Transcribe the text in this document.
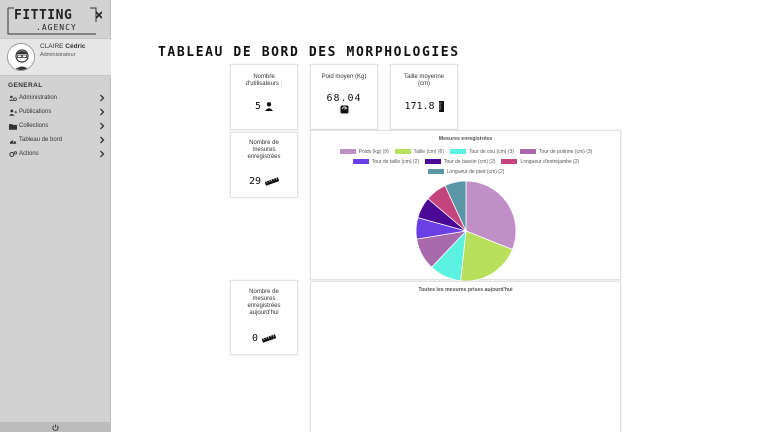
FITTING
.AGENCY
CLAIRE Cédric
Administrateur
GENERAL
Administration
Publications
Collections
Tableau de bord
Actions
TABLEAU DE BORD DES MORPHOLOGIES
Nombre
d'utilisateurs :
5
Poid moyen (Kg)
68.04
Taille moyenne
(cm)
171.8
Nombre de
mesures
enregistrées
29
Nombre de
mesures
enregistrées
aujourd'hui
0
Mesures enregistrées
Poids (kg) (9)	Taille (cm) (6)	Tour de cou (cm) (3)	Tour de poitrine (cm) (3)
Tour de taille (cm) (2)	Tour de bassin (cm) (2)	Longueur d'entrejambe (2)
Longueur de pied (cm) (2)
Toutes les mesures prises aujourd'hui
